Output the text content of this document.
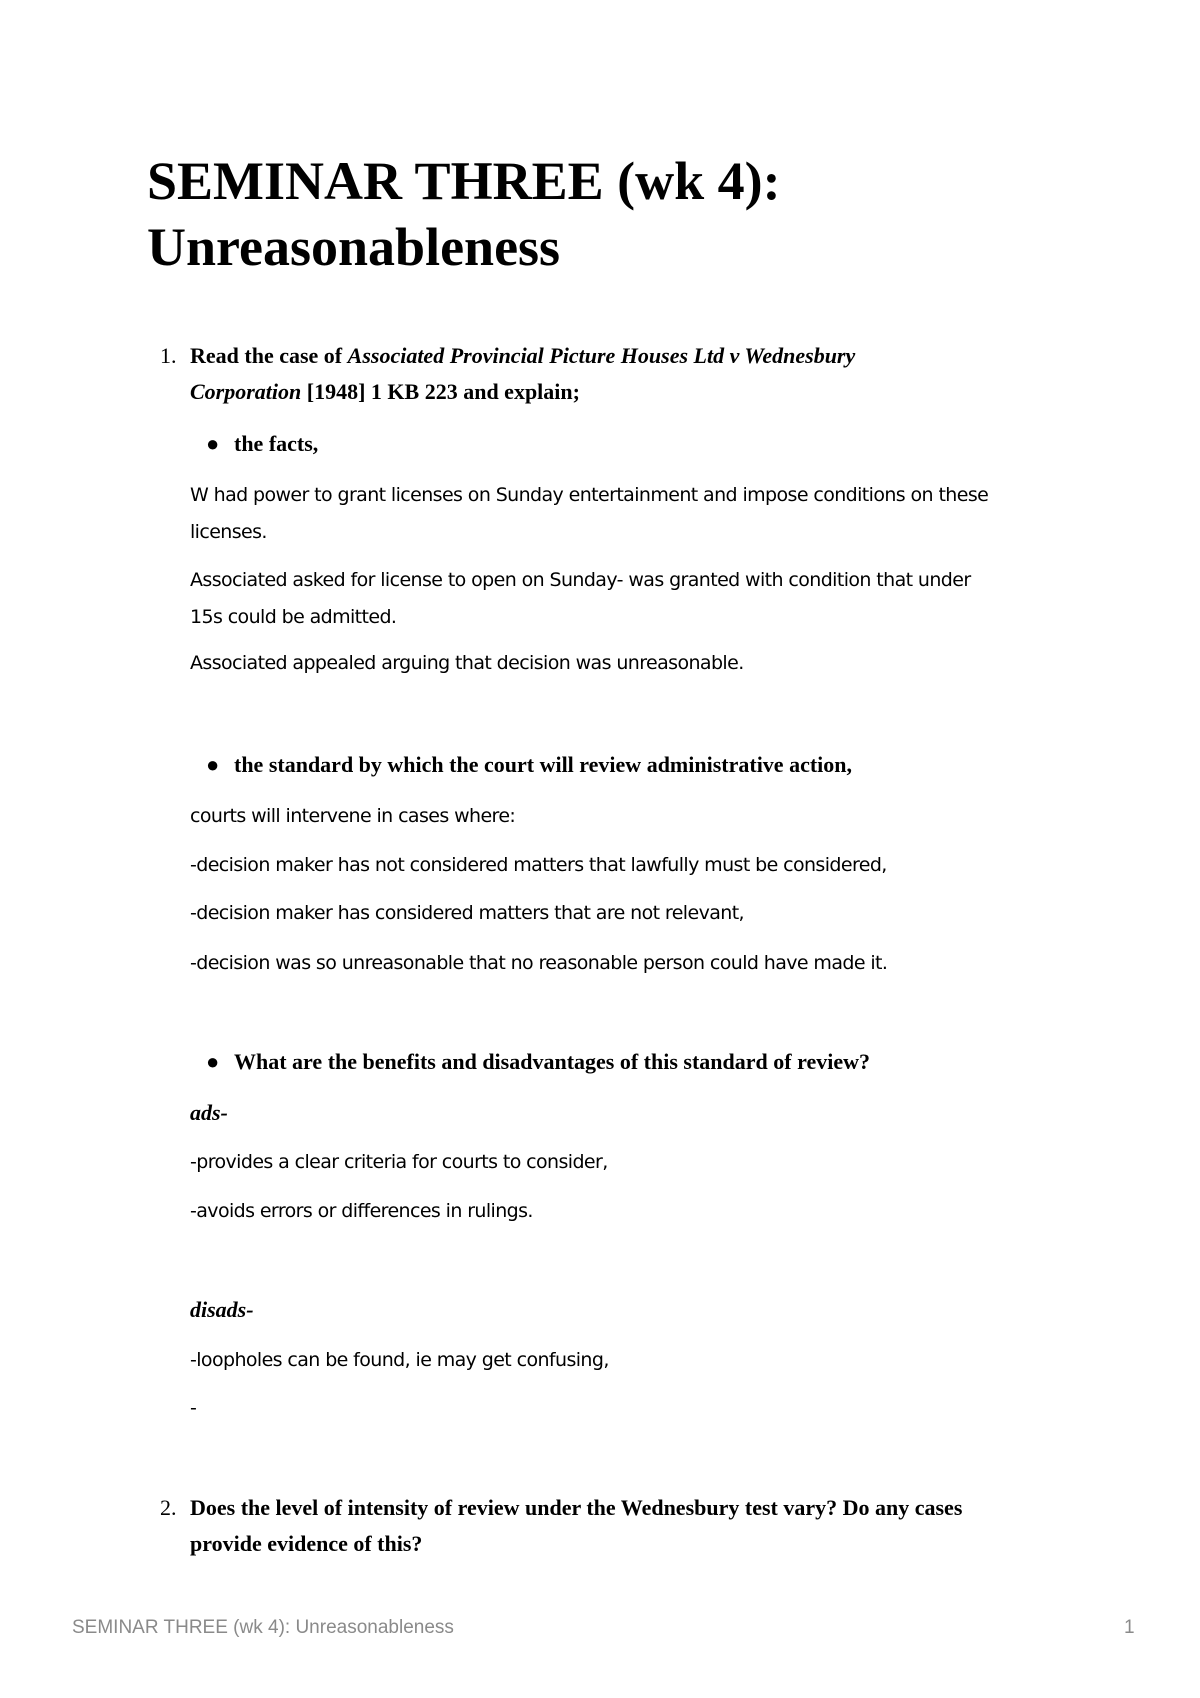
SEMINAR THREE (wk 4):
Unreasonableness
1. Read the case of Associated Provincial Picture Houses Ltd v Wednesbury
Corporation [1948] 1 KB 223 and explain;
● the facts,
W had power to grant licenses on Sunday entertainment and impose conditions on these
licenses.
Associated asked for license to open on Sunday- was granted with condition that under
15s could be admitted.
Associated appealed arguing that decision was unreasonable.
● the standard by which the court will review administrative action,
courts will intervene in cases where:
-decision maker has not considered matters that lawfully must be considered,
-decision maker has considered matters that are not relevant,
-decision was so unreasonable that no reasonable person could have made it.
● What are the benefits and disadvantages of this standard of review?
ads-
-provides a clear criteria for courts to consider,
-avoids errors or differences in rulings.
disads-
-loopholes can be found, ie may get confusing,
-
2. Does the level of intensity of review under the Wednesbury test vary? Do any cases
provide evidence of this?
SEMINAR THREE (wk 4): Unreasonableness	1
